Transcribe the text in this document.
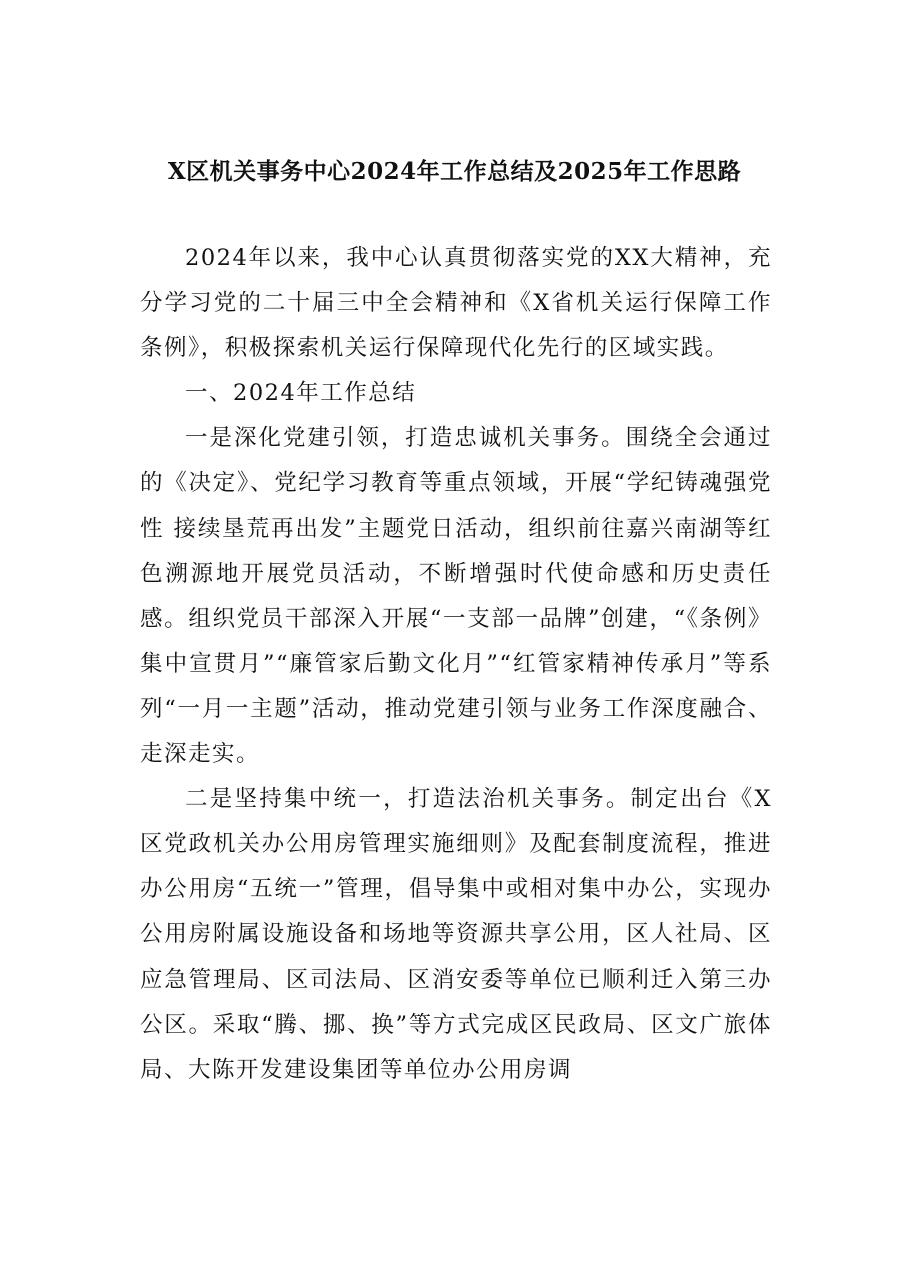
X区机关事务中心2024年工作总结及2025年工作思路

2024年以来，我中心认真贯彻落实党的XX大精神，充分学习党的二十届三中全会精神和《X省机关运行保障工作条例》，积极探索机关运行保障现代化先行的区域实践。

一、2024年工作总结

一是深化党建引领，打造忠诚机关事务。围绕全会通过的《决定》、党纪学习教育等重点领域，开展“学纪铸魂强党性 接续垦荒再出发”主题党日活动，组织前往嘉兴南湖等红色溯源地开展党员活动，不断增强时代使命感和历史责任感。组织党员干部深入开展“一支部一品牌”创建，“《条例》集中宣贯月”“廉管家后勤文化月”“红管家精神传承月”等系列“一月一主题”活动，推动党建引领与业务工作深度融合、走深走实。

二是坚持集中统一，打造法治机关事务。制定出台《X区党政机关办公用房管理实施细则》及配套制度流程，推进办公用房“五统一”管理，倡导集中或相对集中办公，实现办公用房附属设施设备和场地等资源共享公用，区人社局、区应急管理局、区司法局、区消安委等单位已顺利迁入第三办公区。采取“腾、挪、换”等方式完成区民政局、区文广旅体局、大陈开发建设集团等单位办公用房调
